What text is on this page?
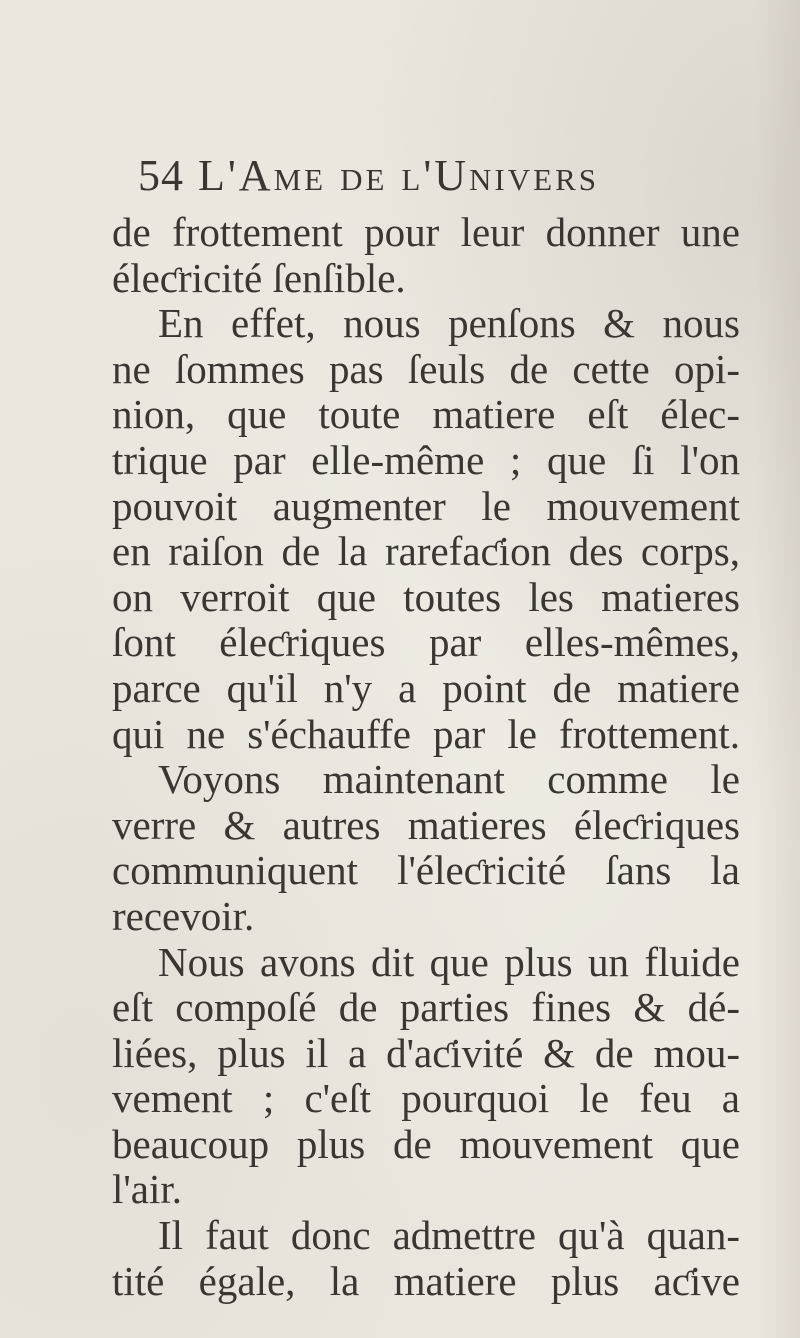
54 L'Ame de l'Univers
de frottement pour leur donner une
éleƈricité ſenſible.
En effet, nous penſons & nous
ne ſommes pas ſeuls de cette opi-
nion, que toute matiere eſt élec-
trique par elle-même ; que ſi l'on
pouvoit augmenter le mouvement
en raiſon de la rarefaƈion des corps,
on verroit que toutes les matieres
ſont éleƈriques par elles-mêmes,
parce qu'il n'y a point de matiere
qui ne s'échauffe par le frottement.
Voyons maintenant comme le
verre & autres matieres éleƈriques
communiquent l'éleƈricité ſans la
recevoir.
Nous avons dit que plus un fluide
eſt compoſé de parties fines & dé-
liées, plus il a d'aƈivité & de mou-
vement ; c'eſt pourquoi le feu a
beaucoup plus de mouvement que
l'air.
Il faut donc admettre qu'à quan-
tité égale, la matiere plus aƈive
